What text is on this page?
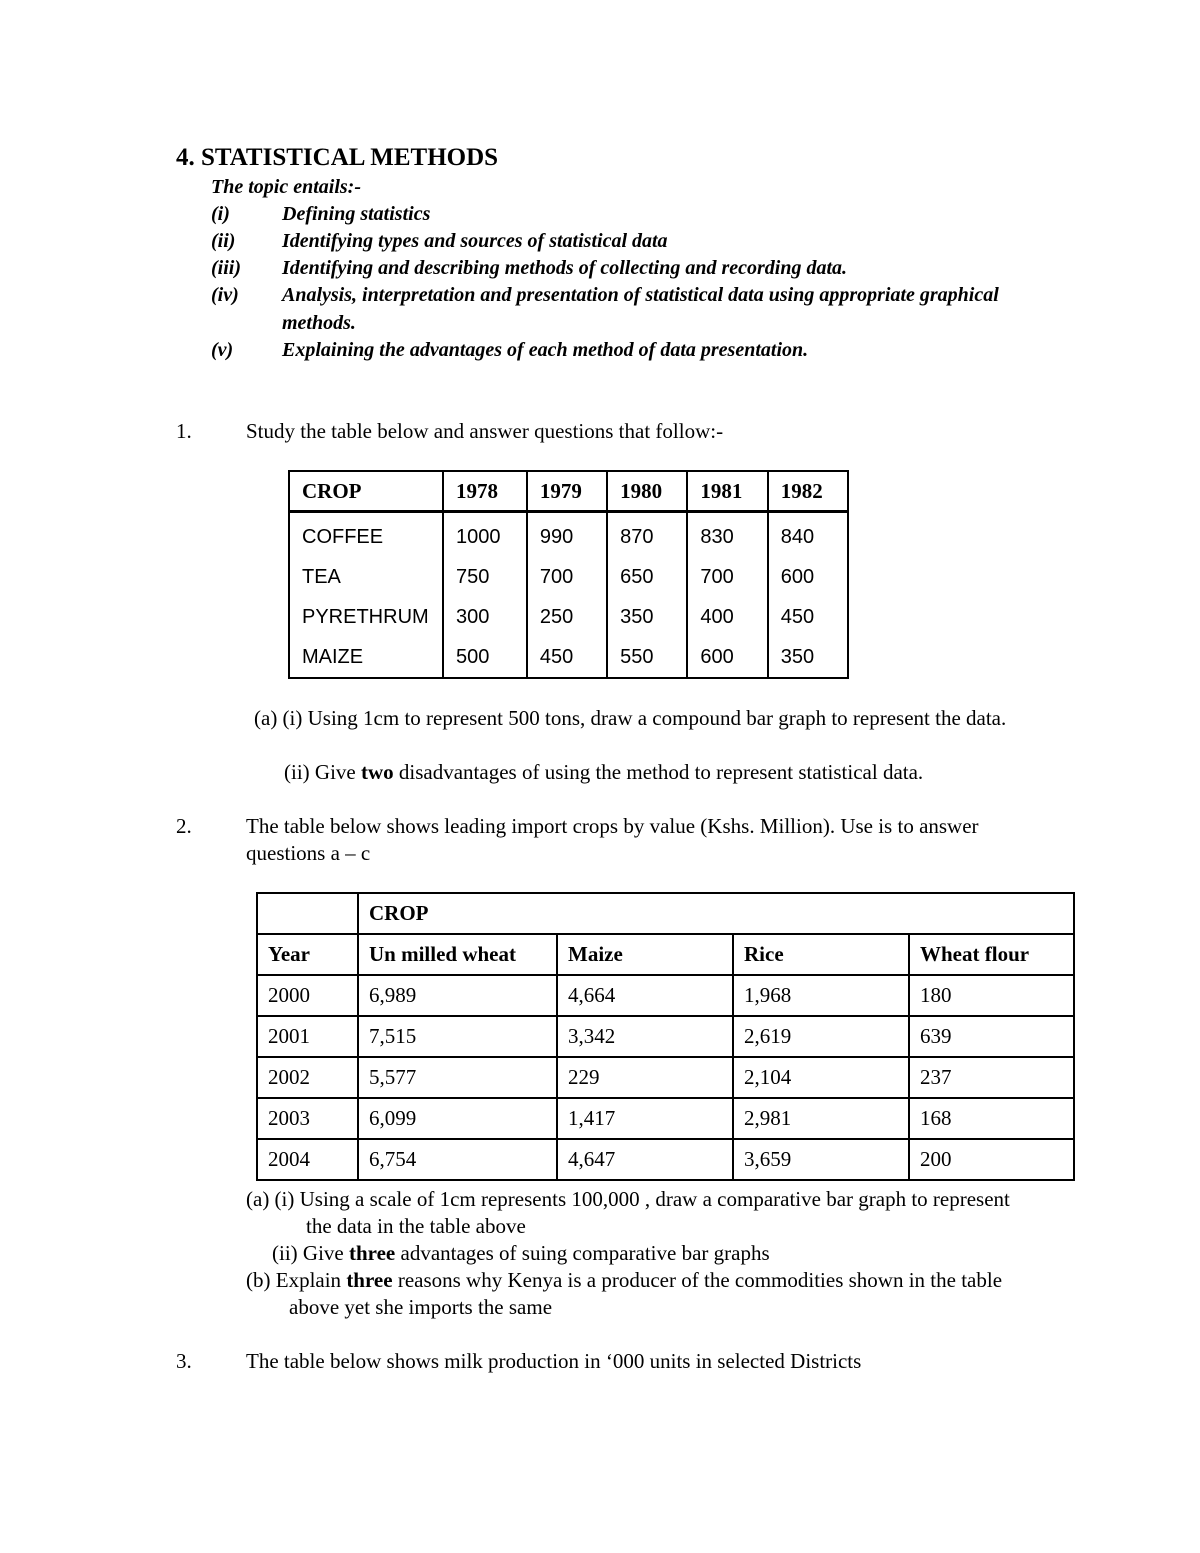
4. STATISTICAL METHODS
The topic entails:-
(i)	Defining statistics
(ii) Identifying types and sources of statistical data
(iii) Identifying and describing methods of collecting and recording data.
(iv) Analysis, interpretation and presentation of statistical data using appropriate graphical
methods.
(v) Explaining the advantages of each method of data presentation.
1.	Study the table below and answer questions that follow:-
CROP	1978	1979	1980	1981	1982
COFFEE	1000	990	870	830	840
TEA	750	700	650	700	600
PYRETHRUM	300	250	350	400	450
MAIZE	500	450	550	600	350
(a) (i) Using 1cm to represent 500 tons, draw a compound bar graph to represent the data.
(ii) Give two disadvantages of using the method to represent statistical data.
2.	The table below shows leading import crops by value (Kshs. Million). Use is to answer
questions a – c
	CROP			
Year	Un milled wheat	Maize	Rice	Wheat flour
2000	6,989	4,664	1,968	180
2001	7,515	3,342	2,619	639
2002	5,577	229	2,104	237
2003	6,099	1,417	2,981	168
2004	6,754	4,647	3,659	200
(a) (i) Using a scale of 1cm represents 100,000 , draw a comparative bar graph to represent
the data in the table above
(ii) Give three advantages of suing comparative bar graphs
(b) Explain three reasons why Kenya is a producer of the commodities shown in the table
above yet she imports the same
3.	The table below shows milk production in ‘000 units in selected Districts
